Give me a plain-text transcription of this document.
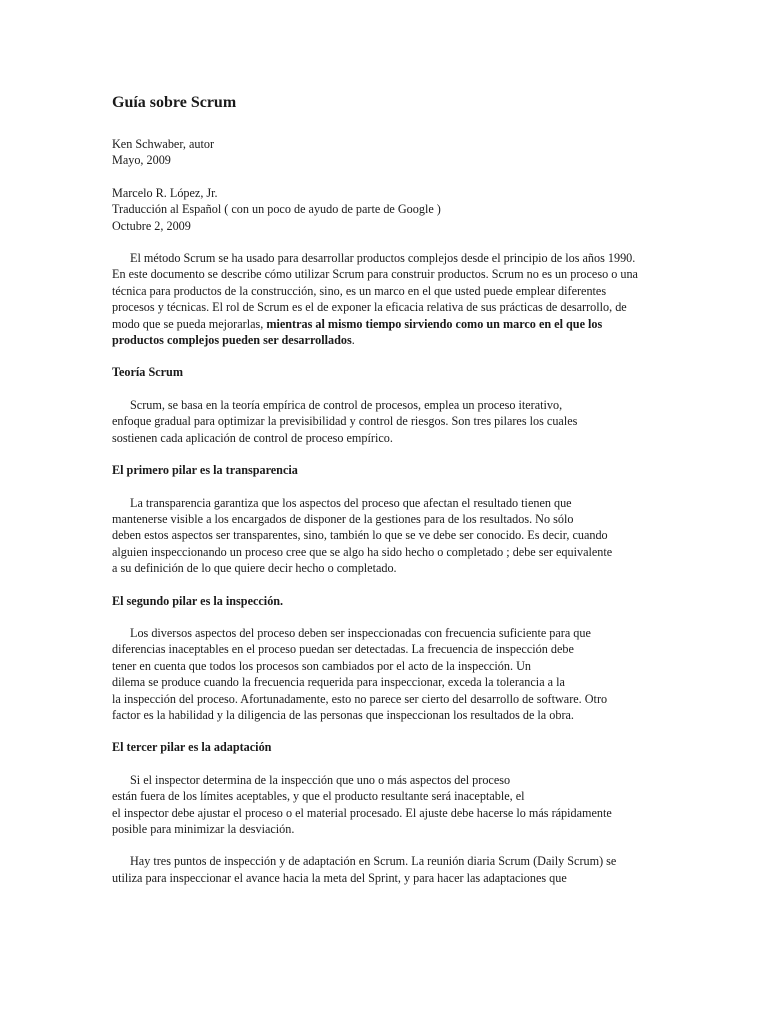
Guía sobre Scrum
Ken Schwaber, autor
Mayo, 2009
Marcelo R. López, Jr.
Traducción al Español ( con un poco de ayudo de parte de Google )
Octubre 2, 2009
El método Scrum se ha usado para desarrollar productos complejos desde el principio de los años 1990.
En este documento se describe cómo utilizar Scrum para construir productos. Scrum no es un proceso o una
técnica para productos de la construcción, sino, es un marco en el que usted puede emplear diferentes
procesos y técnicas. El rol de Scrum es el de exponer la eficacia relativa de sus prácticas de desarrollo, de
modo que se pueda mejorarlas, mientras al mismo tiempo sirviendo como un marco en el que los
productos complejos pueden ser desarrollados.
Teoría Scrum
Scrum, se basa en la teoría empírica de control de procesos, emplea un proceso iterativo,
enfoque gradual para optimizar la previsibilidad y control de riesgos. Son tres pilares los cuales
sostienen cada aplicación de control de proceso empírico.
El primero pilar es la transparencia
La transparencia garantiza que los aspectos del proceso que afectan el resultado tienen que
mantenerse visible a los encargados de disponer de la gestiones para de los resultados. No sólo
deben estos aspectos ser transparentes, sino, también lo que se ve debe ser conocido. Es decir, cuando
alguien inspeccionando un proceso cree que se algo ha sido hecho o completado ; debe ser equivalente
a su definición de lo que quiere decir hecho o completado.
El segundo pilar es la inspección.
Los diversos aspectos del proceso deben ser inspeccionadas con frecuencia suficiente para que
diferencias inaceptables en el proceso puedan ser detectadas. La frecuencia de inspección debe
tener en cuenta que todos los procesos son cambiados por el acto de la inspección. Un
dilema se produce cuando la frecuencia requerida para inspeccionar, exceda la tolerancia a la
la inspección del proceso. Afortunadamente, esto no parece ser cierto del desarrollo de software. Otro
factor es la habilidad y la diligencia de las personas que inspeccionan los resultados de la obra.
El tercer pilar es la adaptación
Si el inspector determina de la inspección que uno o más aspectos del proceso
están fuera de los límites aceptables, y que el producto resultante será inaceptable, el
el inspector debe ajustar el proceso o el material procesado. El ajuste debe hacerse lo más rápidamente
posible para minimizar la desviación.
Hay tres puntos de inspección y de adaptación en Scrum. La reunión diaria Scrum (Daily Scrum) se
utiliza para inspeccionar el avance hacia la meta del Sprint, y para hacer las adaptaciones que
